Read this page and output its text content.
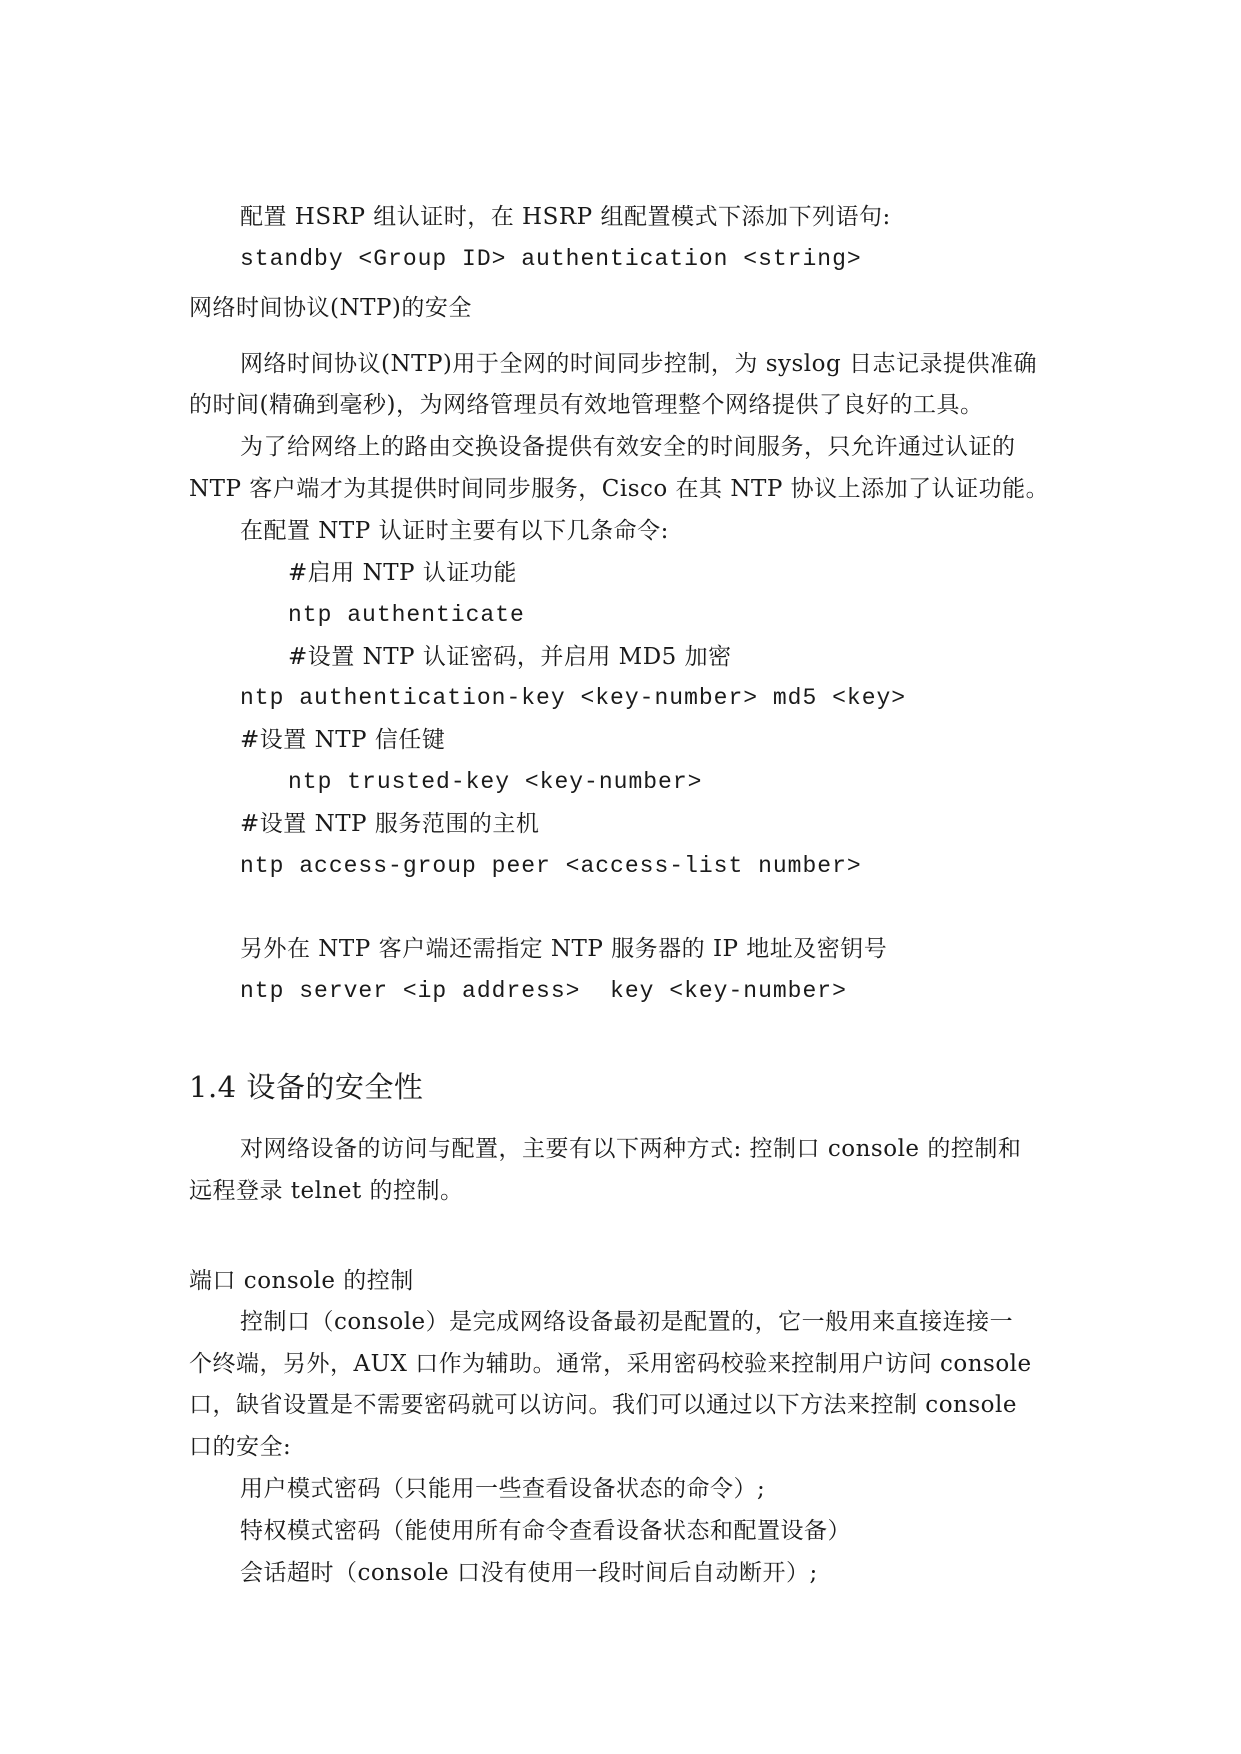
配置 HSRP 组认证时，在 HSRP 组配置模式下添加下列语句:
standby <Group ID> authentication <string>
网络时间协议(NTP)的安全
网络时间协议(NTP)用于全网的时间同步控制，为 syslog 日志记录提供准确
的时间(精确到毫秒)，为网络管理员有效地管理整个网络提供了良好的工具。
为了给网络上的路由交换设备提供有效安全的时间服务，只允许通过认证的
NTP 客户端才为其提供时间同步服务，Cisco 在其 NTP 协议上添加了认证功能。
在配置 NTP 认证时主要有以下几条命令:
#启用 NTP 认证功能
ntp authenticate
#设置 NTP 认证密码，并启用 MD5 加密
ntp authentication-key <key-number> md5 <key>
#设置 NTP 信任键
ntp trusted-key <key-number>
#设置 NTP 服务范围的主机
ntp access-group peer <access-list number>
另外在 NTP 客户端还需指定 NTP 服务器的 IP 地址及密钥号
ntp server <ip address>  key <key-number>
1.4 设备的安全性
对网络设备的访问与配置，主要有以下两种方式: 控制口 console 的控制和
远程登录 telnet 的控制。
端口 console 的控制
控制口（console）是完成网络设备最初是配置的，它一般用来直接连接一
个终端，另外，AUX 口作为辅助。通常，采用密码校验来控制用户访问 console
口，缺省设置是不需要密码就可以访问。我们可以通过以下方法来控制 console
口的安全:
用户模式密码（只能用一些查看设备状态的命令）;
特权模式密码（能使用所有命令查看设备状态和配置设备）
会话超时（console 口没有使用一段时间后自动断开）;
